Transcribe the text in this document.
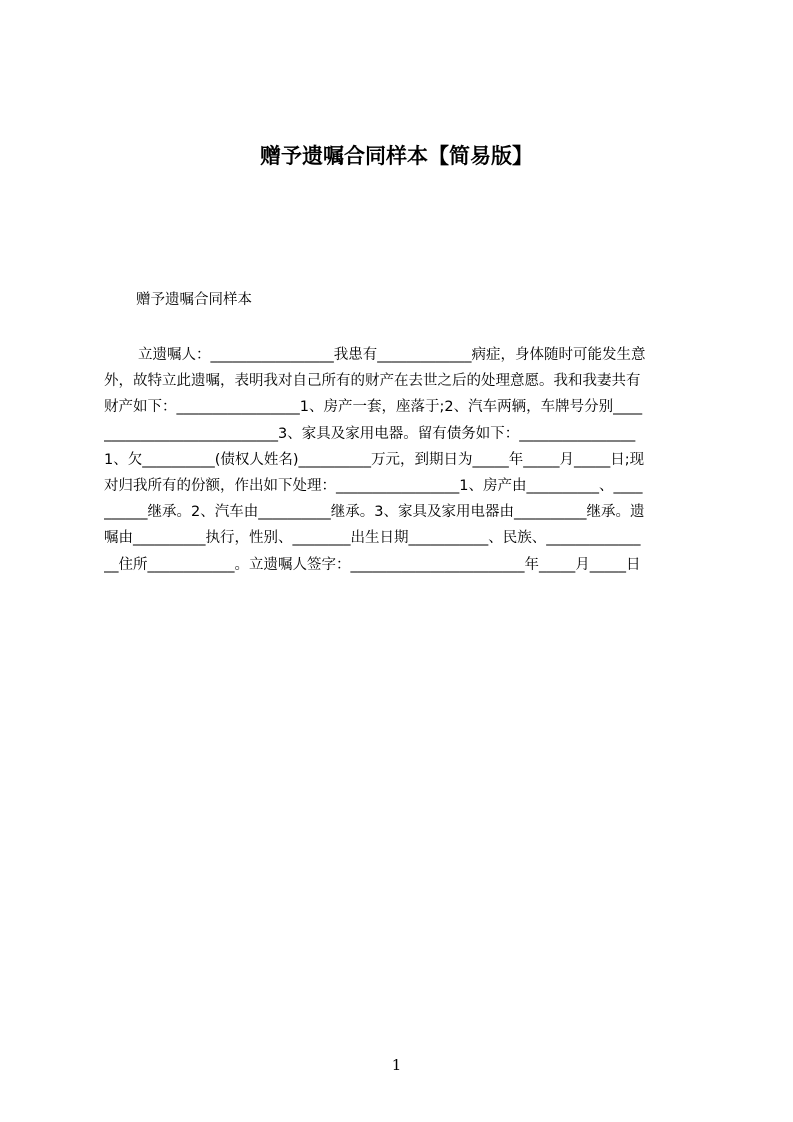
赠予遗嘱合同样本【简易版】
赠予遗嘱合同样本
立遗嘱人：_________________我患有_____________病症，身体随时可能发生意
外，故特立此遗嘱，表明我对自己所有的财产在去世之后的处理意愿。我和我妻共有
财产如下：_________________1、房产一套，座落于;2、汽车两辆，车牌号分别____
________________________3、家具及家用电器。留有债务如下：________________
1、欠__________(债权人姓名)__________万元，到期日为_____年_____月_____日;现
对归我所有的份额，作出如下处理：_________________1、房产由__________、____
______继承。2、汽车由__________继承。3、家具及家用电器由__________继承。遗
嘱由__________执行，性别、________出生日期___________、民族、_____________
__住所____________。立遗嘱人签字：________________________年_____月_____日
1
